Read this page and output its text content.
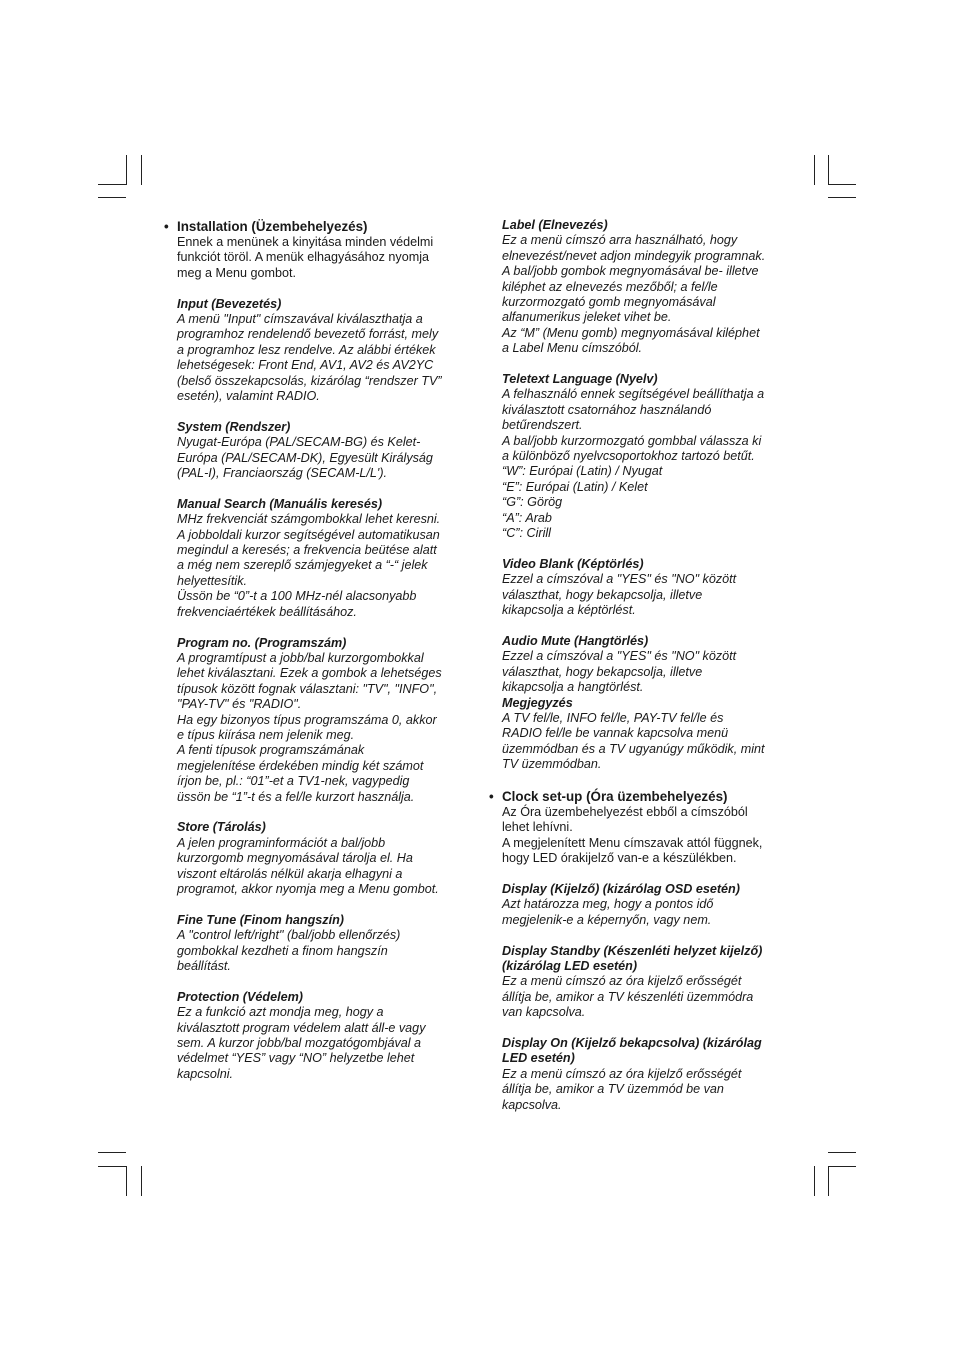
• Installation (Üzembehelyezés)
Ennek a menünek a kinyitása minden védelmi
funkciót töröl. A menük elhagyásához nyomja
meg a Menu gombot.
Input (Bevezetés)
A menü "Input" címszavával kiválaszthatja a
programhoz rendelendő bevezető forrást, mely
a programhoz lesz rendelve. Az alábbi értékek
lehetségesek: Front End, AV1, AV2 és AV2YC
(belső összekapcsolás, kizárólag “rendszer TV”
esetén), valamint RADIO.
System (Rendszer)
Nyugat-Európa (PAL/SECAM-BG) és Kelet-
Európa (PAL/SECAM-DK), Egyesült Királyság
(PAL-I), Franciaország (SECAM-L/L').
Manual Search (Manuális keresés)
MHz frekvenciát számgombokkal lehet keresni.
A jobboldali kurzor segítségével automatikusan
megindul a keresés; a frekvencia beütése alatt
a még nem szereplő számjegyeket a “-“ jelek
helyettesítik.
Üssön be “0”-t a 100 MHz-nél alacsonyabb
frekvenciaértékek beállításához.
Program no. (Programszám)
A programtípust a jobb/bal kurzorgombokkal
lehet kiválasztani. Ezek a gombok a lehetséges
típusok között fognak választani: "TV", "INFO",
"PAY-TV" és "RADIO".
Ha egy bizonyos típus programszáma 0, akkor
e típus kiírása nem jelenik meg.
A fenti típusok programszámának
megjelenítése érdekében mindig két számot
írjon be, pl.: “01”-et a TV1-nek, vagypedig
üssön be “1”-t és a fel/le kurzort használja.
Store (Tárolás)
A jelen programinformációt a bal/jobb
kurzorgomb megnyomásával tárolja el. Ha
viszont eltárolás nélkül akarja elhagyni a
programot, akkor nyomja meg a Menu gombot.
Fine Tune (Finom hangszín)
A "control left/right" (bal/jobb ellenőrzés)
gombokkal kezdheti a finom hangszín
beállítást.
Protection (Védelem)
Ez a funkció azt mondja meg, hogy a
kiválasztott program védelem alatt áll-e vagy
sem. A kurzor jobb/bal mozgatógombjával a
védelmet “YES” vagy “NO” helyzetbe lehet
kapcsolni.
Label (Elnevezés)
Ez a menü címszó arra használható, hogy
elnevezést/nevet adjon mindegyik programnak.
A bal/jobb gombok megnyomásával be- illetve
kiléphet az elnevezés mezőből; a fel/le
kurzormozgató gomb megnyomásával
alfanumerikus jeleket vihet be.
Az “M” (Menu gomb) megnyomásával kiléphet
a Label Menu címszóból.
Teletext Language (Nyelv)
A felhasználó ennek segítségével beállíthatja a
kiválasztott csatornához használandó
betűrendszert.
A bal/jobb kurzormozgató gombbal válassza ki
a különböző nyelvcsoportokhoz tartozó betűt.
“W”: Európai (Latin) / Nyugat
“E”: Európai (Latin) / Kelet
“G”: Görög
“A”: Arab
“C”: Cirill
Video Blank (Képtörlés)
Ezzel a címszóval a "YES" és "NO" között
választhat, hogy bekapcsolja, illetve
kikapcsolja a képtörlést.
Audio Mute (Hangtörlés)
Ezzel a címszóval a "YES" és "NO" között
választhat, hogy bekapcsolja, illetve
kikapcsolja a hangtörlést.
Megjegyzés
A TV fel/le, INFO fel/le, PAY-TV fel/le és
RADIO fel/le be vannak kapcsolva menü
üzemmódban és a TV ugyanúgy működik, mint
TV üzemmódban.
• Clock set-up (Óra üzembehelyezés)
Az Óra üzembehelyezést ebből a címszóból
lehet lehívni.
A megjelenített Menu címszavak attól függnek,
hogy LED órakijelző van-e a készülékben.
Display (Kijelző) (kizárólag OSD esetén)
Azt határozza meg, hogy a pontos idő
megjelenik-e a képernyőn, vagy nem.
Display Standby (Készenléti helyzet kijelző)
(kizárólag LED esetén)
Ez a menü címszó az óra kijelző erősségét
állítja be, amikor a TV készenléti üzemmódra
van kapcsolva.
Display On (Kijelző bekapcsolva) (kizárólag
LED esetén)
Ez a menü címszó az óra kijelző erősségét
állítja be, amikor a TV üzemmód be van
kapcsolva.
